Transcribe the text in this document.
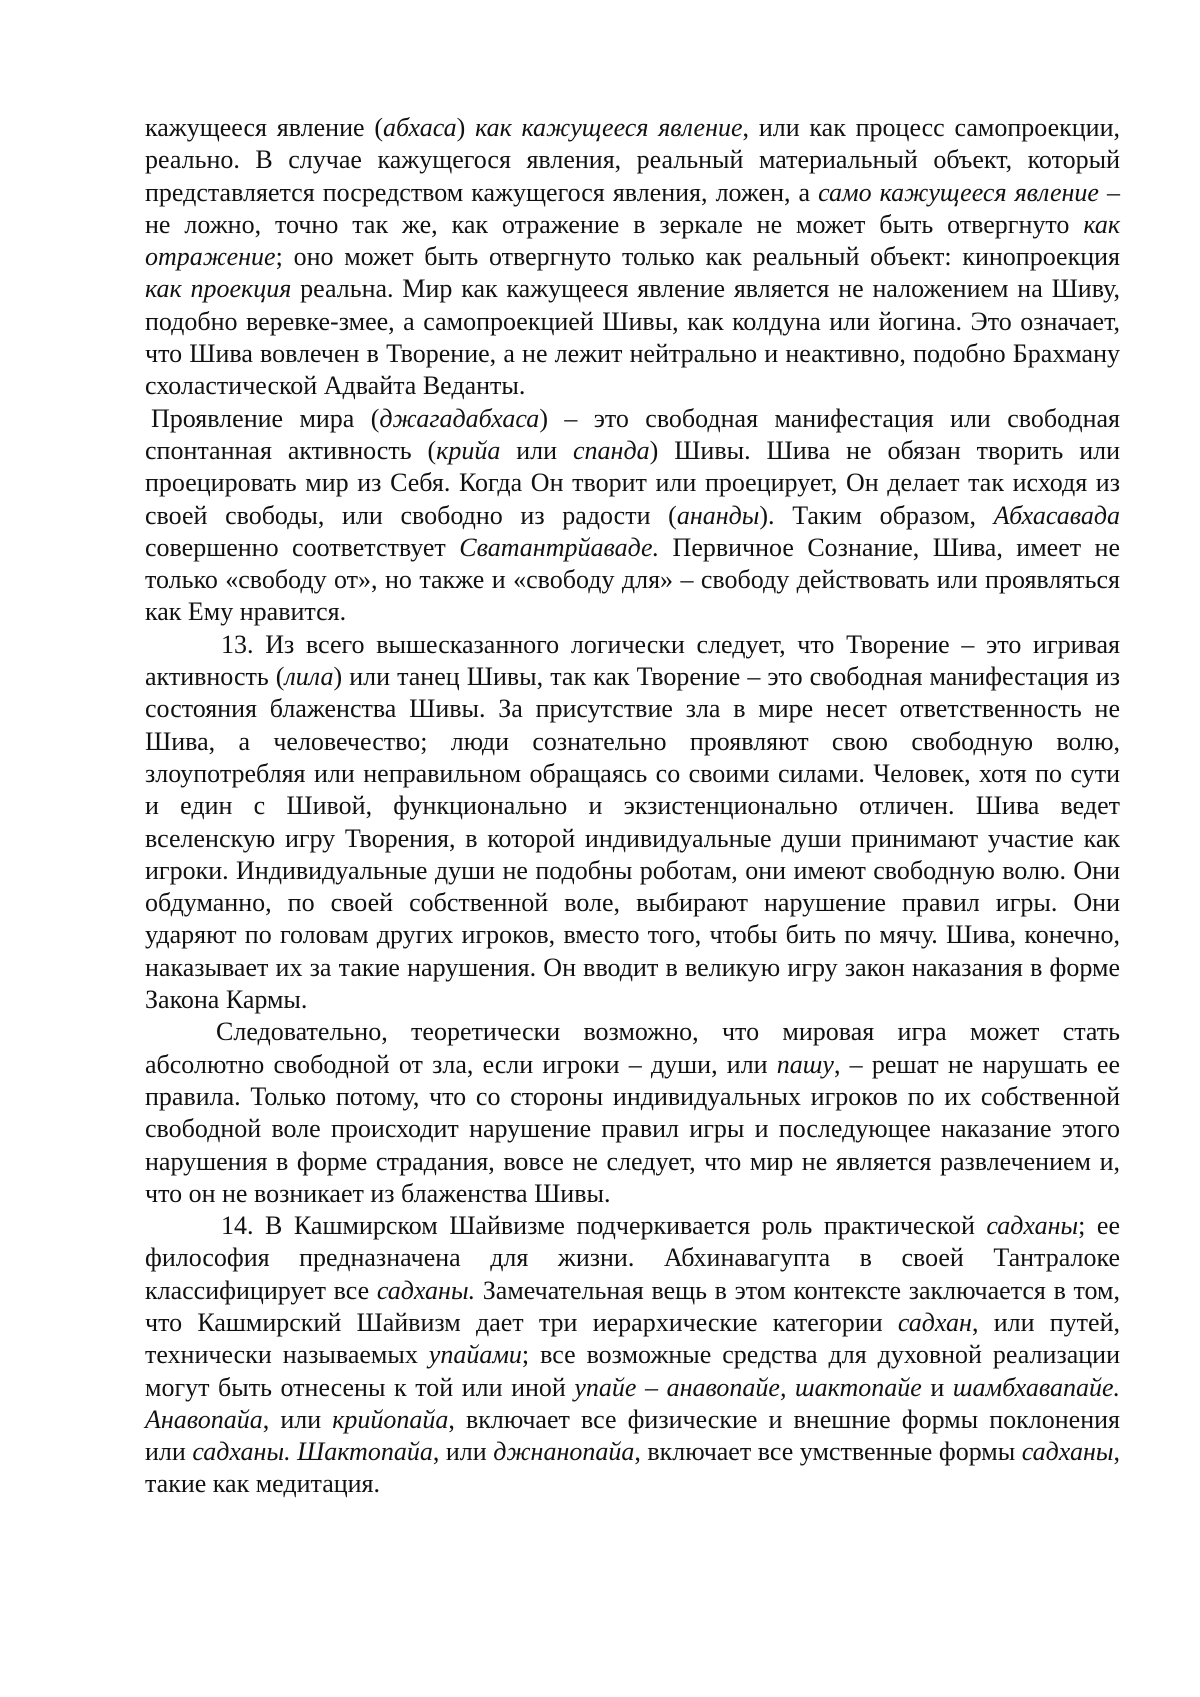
кажущееся явление (абхаса) как кажущееся явление, или как процесс самопроекции, реально. В случае кажущегося явления, реальный материальный объект, который представляется посредством кажущегося явления, ложен, а само кажущееся явление – не ложно, точно так же, как отражение в зеркале не может быть отвергнуто как отражение; оно может быть отвергнуто только как реальный объект: кинопроекция как проекция реальна. Мир как кажущееся явление является не наложением на Шиву, подобно веревке-змее, а самопроекцией Шивы, как колдуна или йогина. Это означает, что Шива вовлечен в Творение, а не лежит нейтрально и неактивно, подобно Брахману схоластической Адвайта Веданты.

Проявление мира (джагадабхаса) – это свободная манифестация или свободная спонтанная активность (крийа или спанда) Шивы. Шива не обязан творить или проецировать мир из Себя. Когда Он творит или проецирует, Он делает так исходя из своей свободы, или свободно из радости (ананды). Таким образом, Абхасавада совершенно соответствует Сватантрйаваде. Первичное Сознание, Шива, имеет не только «свободу от», но также и «свободу для» – свободу действовать или проявляться как Ему нравится.

13. Из всего вышесказанного логически следует, что Творение – это игривая активность (лила) или танец Шивы, так как Творение – это свободная манифестация из состояния блаженства Шивы. За присутствие зла в мире несет ответственность не Шива, а человечество; люди сознательно проявляют свою свободную волю, злоупотребляя или неправильном обращаясь со своими силами. Человек, хотя по сути и един с Шивой, функционально и экзистенционально отличен. Шива ведет вселенскую игру Творения, в которой индивидуальные души принимают участие как игроки. Индивидуальные души не подобны роботам, они имеют свободную волю. Они обдуманно, по своей собственной воле, выбирают нарушение правил игры. Они ударяют по головам других игроков, вместо того, чтобы бить по мячу. Шива, конечно, наказывает их за такие нарушения. Он вводит в великую игру закон наказания в форме Закона Кармы.

Следовательно, теоретически возможно, что мировая игра может стать абсолютно свободной от зла, если игроки – души, или пашу, – решат не нарушать ее правила. Только потому, что со стороны индивидуальных игроков по их собственной свободной воле происходит нарушение правил игры и последующее наказание этого нарушения в форме страдания, вовсе не следует, что мир не является развлечением и, что он не возникает из блаженства Шивы.

14. В Кашмирском Шайвизме подчеркивается роль практической садханы; ее философия предназначена для жизни. Абхинавагупта в своей Тантралоке классифицирует все садханы. Замечательная вещь в этом контексте заключается в том, что Кашмирский Шайвизм дает три иерархические категории садхан, или путей, технически называемых упайами; все возможные средства для духовной реализации могут быть отнесены к той или иной упайе – анавопайе, шактопайе и шамбхавапайе. Анавопайа, или крийопайа, включает все физические и внешние формы поклонения или садханы. Шактопайа, или джнанопайа, включает все умственные формы садханы, такие как медитация.
